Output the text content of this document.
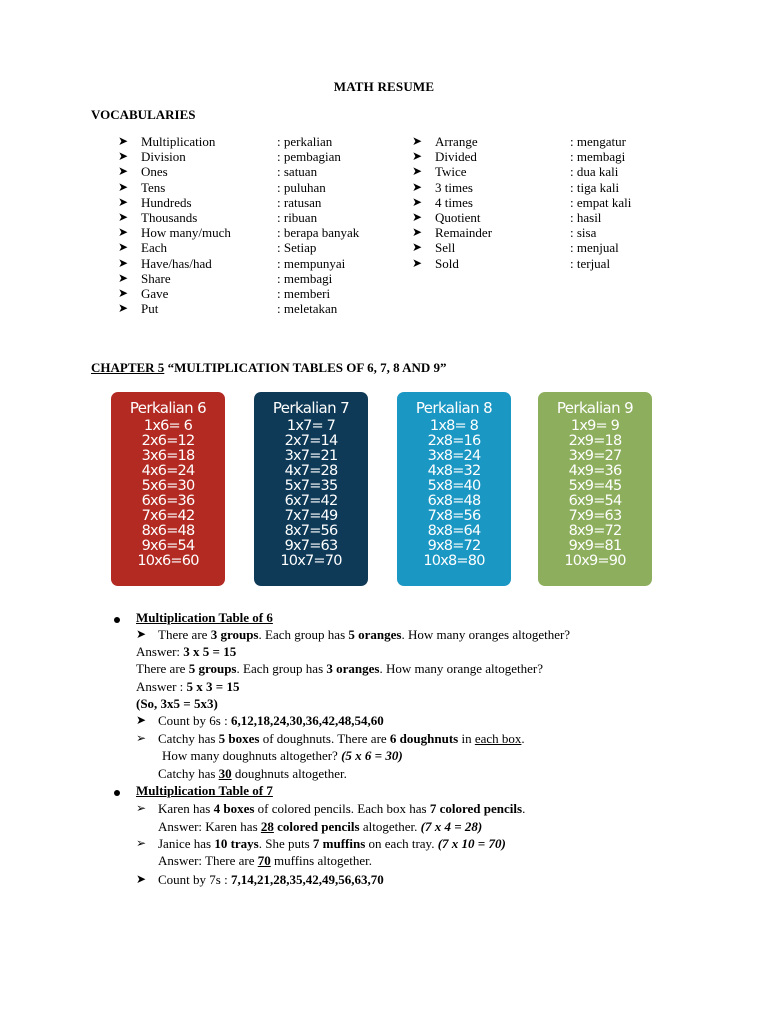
MATH RESUME
VOCABULARIES
➤ Multiplication	: perkalian
➤ Division	: pembagian
➤ Ones	: satuan
➤ Tens	: puluhan
➤ Hundreds	: ratusan
➤ Thousands	: ribuan
➤ How many/much	: berapa banyak
➤ Each	: Setiap
➤ Have/has/had	: mempunyai
➤ Share	: membagi
➤ Gave	: memberi
➤ Put	: meletakan
➤ Arrange	: mengatur
➤ Divided	: membagi
➤ Twice	: dua kali
➤ 3 times	: tiga kali
➤ 4 times	: empat kali
➤ Quotient	: hasil
➤ Remainder	: sisa
➤ Sell	: menjual
➤ Sold	: terjual
CHAPTER 5 “MULTIPLICATION TABLES OF 6, 7, 8 AND 9”
Perkalian 6
1x6= 6
2x6=12
3x6=18
4x6=24
5x6=30
6x6=36
7x6=42
8x6=48
9x6=54
10x6=60
Perkalian 7
1x7= 7
2x7=14
3x7=21
4x7=28
5x7=35
6x7=42
7x7=49
8x7=56
9x7=63
10x7=70
Perkalian 8
1x8= 8
2x8=16
3x8=24
4x8=32
5x8=40
6x8=48
7x8=56
8x8=64
9x8=72
10x8=80
Perkalian 9
1x9= 9
2x9=18
3x9=27
4x9=36
5x9=45
6x9=54
7x9=63
8x9=72
9x9=81
10x9=90
Multiplication Table of 6
➤ There are 3 groups. Each group has 5 oranges. How many oranges altogether?
Answer: 3 x 5 = 15
There are 5 groups. Each group has 3 oranges. How many orange altogether?
Answer : 5 x 3 = 15
(So, 3x5 = 5x3)
➤ Count by 6s : 6,12,18,24,30,36,42,48,54,60
➢ Catchy has 5 boxes of doughnuts. There are 6 doughnuts in each box.
How many doughnuts altogether? (5 x 6 = 30)
Catchy has 30 doughnuts altogether.
Multiplication Table of 7
➢ Karen has 4 boxes of colored pencils. Each box has 7 colored pencils.
Answer: Karen has 28 colored pencils altogether. (7 x 4 = 28)
➢ Janice has 10 trays. She puts 7 muffins on each tray. (7 x 10 = 70)
Answer: There are 70 muffins altogether.
➤ Count by 7s : 7,14,21,28,35,42,49,56,63,70
